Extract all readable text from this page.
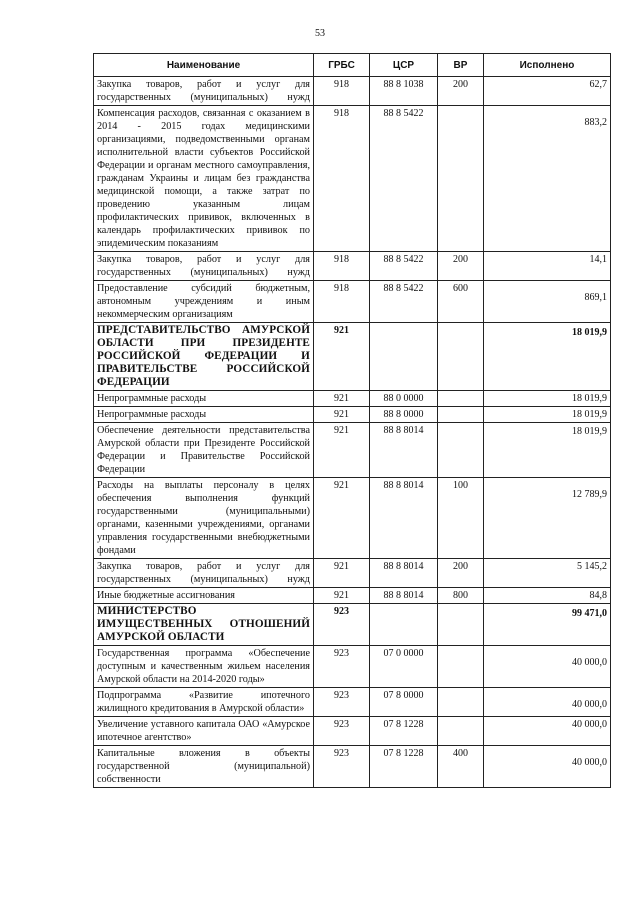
53
Наименование	ГРБС	ЦСР	ВР	Исполнено
Закупка товаров, работ и услуг для государственных (муниципальных) нужд	918	88 8 1038	200	62,7
Компенсация расходов, связанная с оказанием в 2014 - 2015 годах медицинскими организациями, подведомственными органам исполнительной власти субъектов Российской Федерации и органам местного самоуправления, гражданам Украины и лицам без гражданства медицинской помощи, а также затрат по проведению указанным лицам профилактических прививок, включенных в календарь профилактических прививок по эпидемическим показаниям	918	88 8 5422		883,2
Закупка товаров, работ и услуг для государственных (муниципальных) нужд	918	88 8 5422	200	14,1
Предоставление субсидий бюджетным, автономным учреждениям и иным некоммерческим организациям	918	88 8 5422	600	869,1
ПРЕДСТАВИТЕЛЬСТВО АМУРСКОЙ ОБЛАСТИ ПРИ ПРЕЗИДЕНТЕ РОССИЙСКОЙ ФЕДЕРАЦИИ И ПРАВИТЕЛЬСТВЕ РОССИЙСКОЙ ФЕДЕРАЦИИ	921			18 019,9
Непрограммные расходы	921	88 0 0000		18 019,9
Непрограммные расходы	921	88 8 0000		18 019,9
Обеспечение деятельности представительства Амурской области при Президенте Российской Федерации и Правительстве Российской Федерации	921	88 8 8014		18 019,9
Расходы на выплаты персоналу в целях обеспечения выполнения функций государственными (муниципальными) органами, казенными учреждениями, органами управления государственными внебюджетными фондами	921	88 8 8014	100	12 789,9
Закупка товаров, работ и услуг для государственных (муниципальных) нужд	921	88 8 8014	200	5 145,2
Иные бюджетные ассигнования	921	88 8 8014	800	84,8
МИНИСТЕРСТВО ИМУЩЕСТВЕННЫХ ОТНОШЕНИЙ АМУРСКОЙ ОБЛАСТИ	923			99 471,0
Государственная программа «Обеспечение доступным и качественным жильем населения Амурской области на 2014-2020 годы»	923	07 0 0000		40 000,0
Подпрограмма «Развитие ипотечного жилищного кредитования в Амурской области»	923	07 8 0000		40 000,0
Увеличение уставного капитала ОАО «Амурское ипотечное агентство»	923	07 8 1228		40 000,0
Капитальные вложения в объекты государственной (муниципальной) собственности	923	07 8 1228	400	40 000,0
